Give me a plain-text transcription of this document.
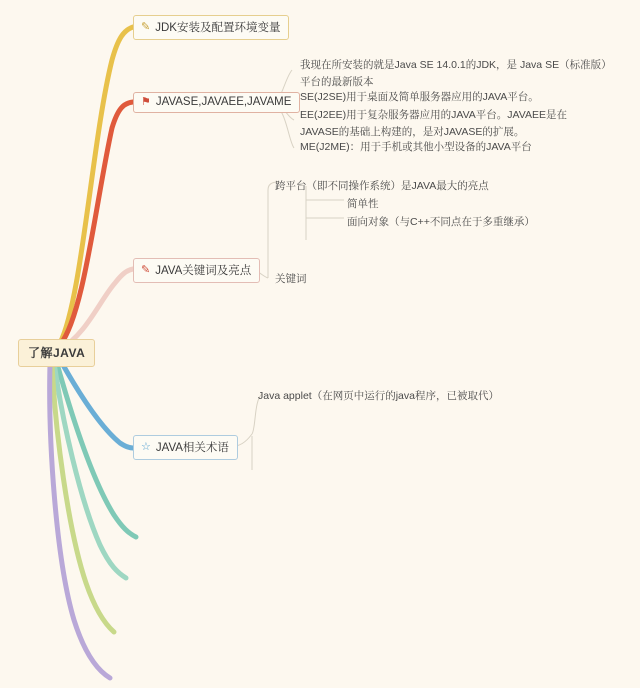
了解JAVA
✎ JDK安装及配置环境变量
⚑ JAVASE,JAVAEE,JAVAME
✎ JAVA关键词及亮点
☆ JAVA相关术语
我现在所安装的就是Java SE 14.0.1的JDK，是 Java SE（标准版）平台的最新版本
SE(J2SE)用于桌面及简单服务器应用的JAVA平台。
EE(J2EE)用于复杂服务器应用的JAVA平台。JAVAEE是在JAVASE的基础上构建的，是对JAVASE的扩展。
ME(J2ME)：用于手机或其他小型设备的JAVA平台
跨平台（即不同操作系统）是JAVA最大的亮点
简单性
面向对象（与C++不同点在于多重继承）
关键词
Java applet（在网页中运行的java程序，已被取代）
